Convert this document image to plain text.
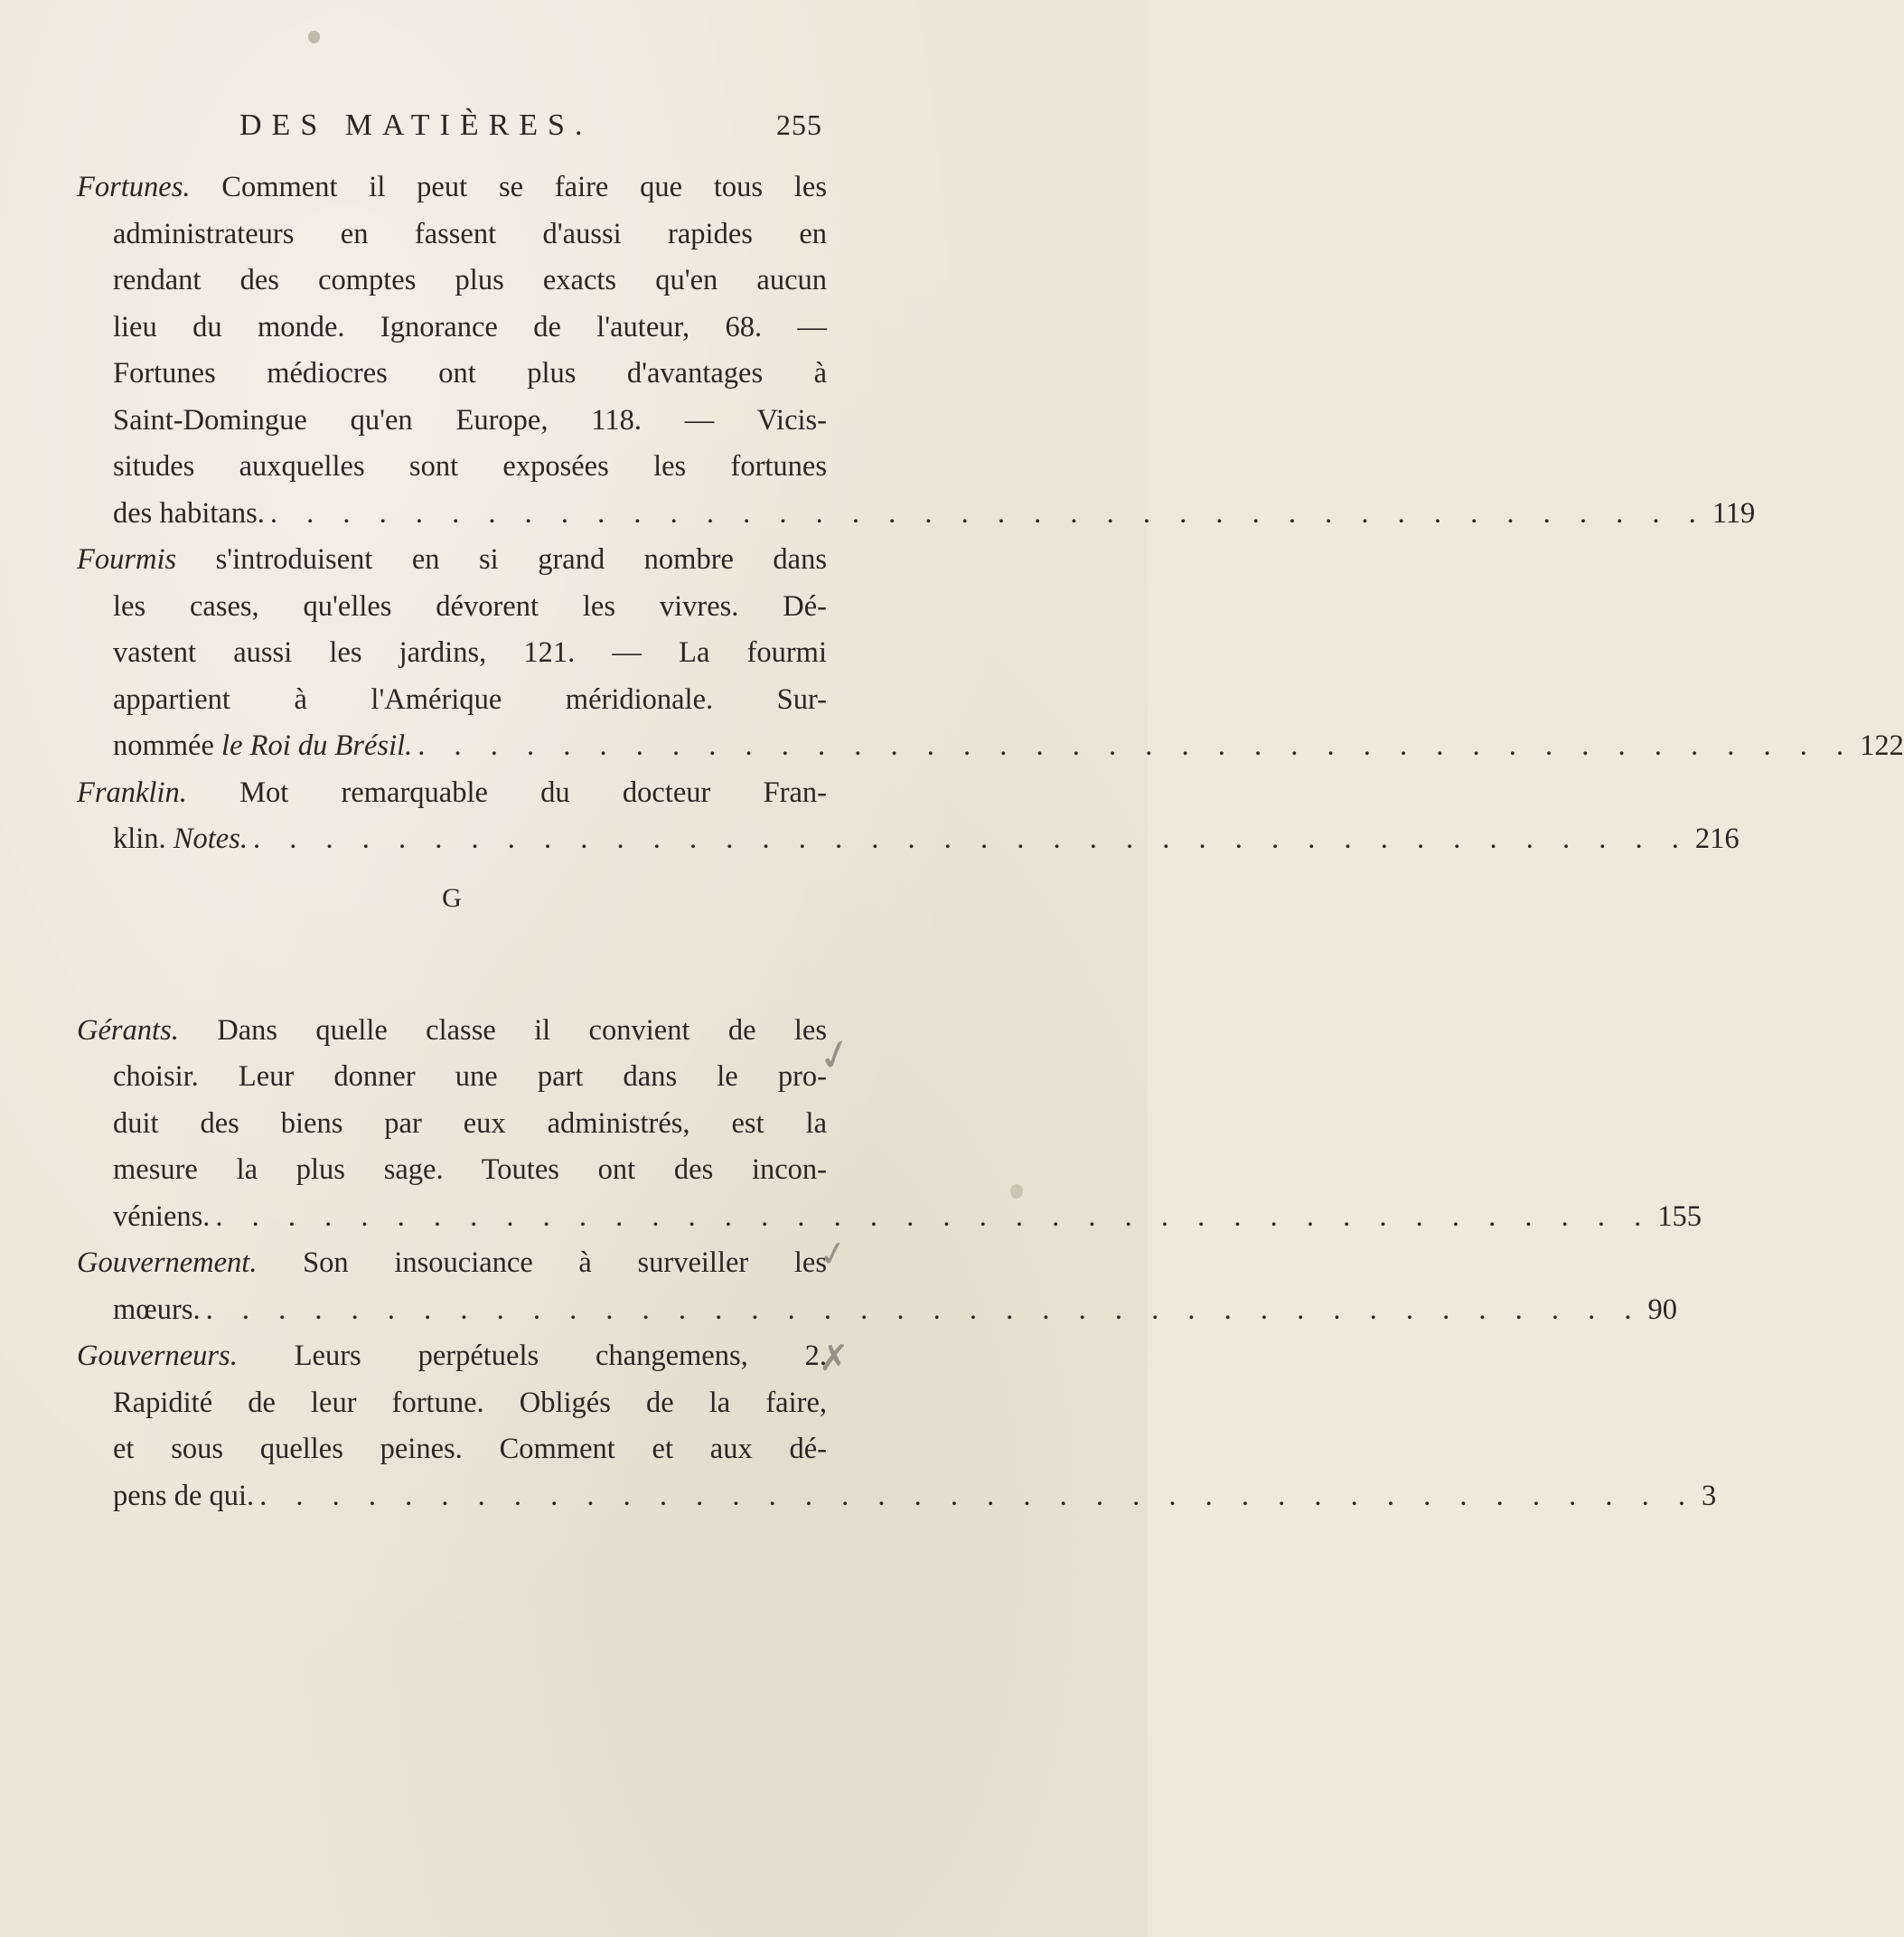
DES MATIÈRES.	255
Fortunes. Comment il peut se faire que tous les
administrateurs en fassent d'aussi rapides en
rendant des comptes plus exacts qu'en aucun
lieu du monde. Ignorance de l'auteur, 68. —
Fortunes médiocres ont plus d'avantages à
Saint-Domingue qu'en Europe, 118. — Vicis-
situdes auxquelles sont exposées les fortunes
des habitans. . . . . . . . . . . . . . . . . . . . . . . . . . . . . . . . . . . . . . . . . 119
Fourmis s'introduisent en si grand nombre dans
les cases, qu'elles dévorent les vivres. Dé-
vastent aussi les jardins, 121. — La fourmi
appartient à l'Amérique méridionale. Sur-
nommée le Roi du Brésil. . . . . . . . . . . . . . . . . . . . . . . . . . . . . . . . . . . . . . . . . 122
Franklin. Mot remarquable du docteur Fran-
klin. Notes. . . . . . . . . . . . . . . . . . . . . . . . . . . . . . . . . . . . . . . . . 216
G
Gérants. Dans quelle classe il convient de les
choisir. Leur donner une part dans le pro-
duit des biens par eux administrés, est la
mesure la plus sage. Toutes ont des incon-
véniens. . . . . . . . . . . . . . . . . . . . . . . . . . . . . . . . . . . . . . . . . 155
Gouvernement. Son insouciance à surveiller les
mœurs. . . . . . . . . . . . . . . . . . . . . . . . . . . . . . . . . . . . . . . . . 90
Gouverneurs. Leurs perpétuels changemens, 2.
Rapidité de leur fortune. Obligés de la faire,
et sous quelles peines. Comment et aux dé-
pens de qui. . . . . . . . . . . . . . . . . . . . . . . . . . . . . . . . . . . . . . . . . 3
✓
✓
✗
